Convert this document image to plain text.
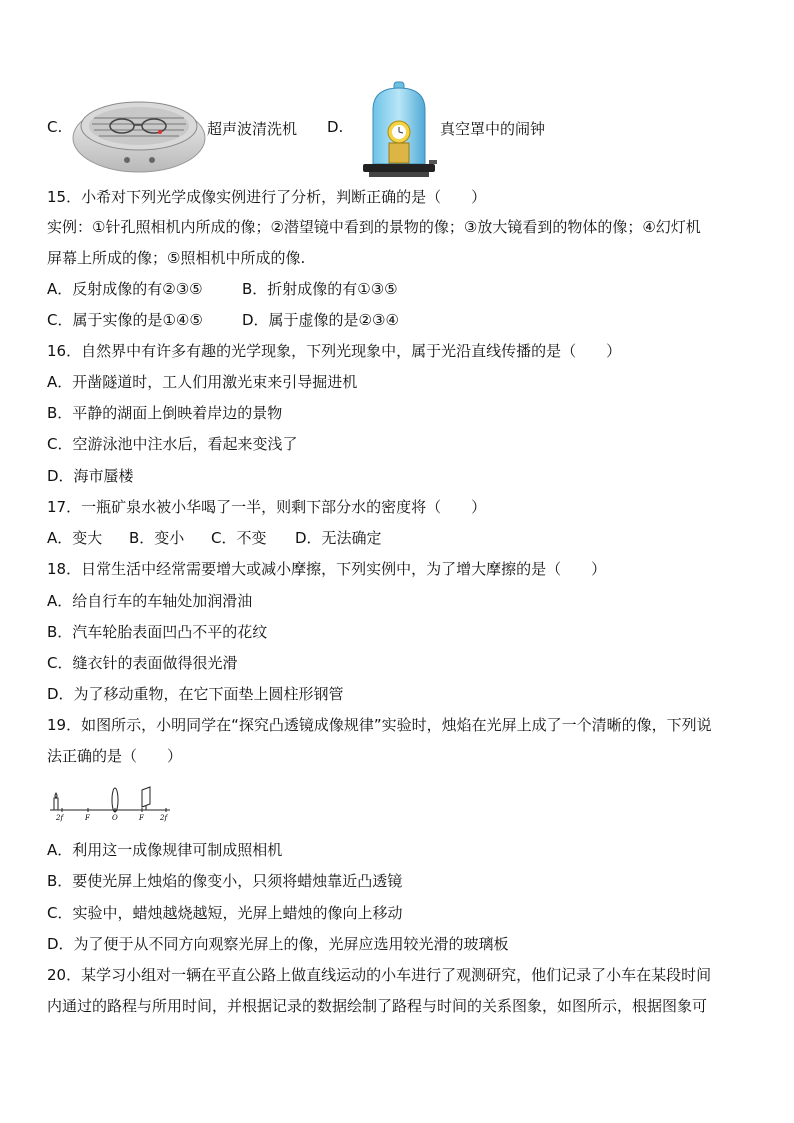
C.	超声波清洗机 D.	真空罩中的闹钟
15．小希对下列光学成像实例进行了分析，判断正确的是（　　）
实例：①针孔照相机内所成的像；②潜望镜中看到的景物的像；③放大镜看到的物体的像；④幻灯机
屏幕上所成的像；⑤照相机中所成的像.
A．反射成像的有②③⑤	B．折射成像的有①③⑤
C．属于实像的是①④⑤	D．属于虚像的是②③④
16．自然界中有许多有趣的光学现象，下列光现象中，属于光沿直线传播的是（　　）
A．开凿隧道时，工人们用激光束来引导掘进机
B．平静的湖面上倒映着岸边的景物
C．空游泳池中注水后，看起来变浅了
D．海市蜃楼
17．一瓶矿泉水被小华喝了一半，则剩下部分水的密度将（　　）
A．变大 B．变小 C．不变 D．无法确定
18．日常生活中经常需要增大或减小摩擦，下列实例中，为了增大摩擦的是（　　）
A．给自行车的车轴处加润滑油
B．汽车轮胎表面凹凸不平的花纹
C．缝衣针的表面做得很光滑
D．为了移动重物，在它下面垫上圆柱形钢管
19．如图所示，小明同学在“探究凸透镜成像规律”实验时，烛焰在光屏上成了一个清晰的像，下列说
法正确的是（　　）
2f	F	O	F 2f
A．利用这一成像规律可制成照相机
B．要使光屏上烛焰的像变小，只须将蜡烛靠近凸透镜
C．实验中，蜡烛越烧越短，光屏上蜡烛的像向上移动
D．为了便于从不同方向观察光屏上的像，光屏应选用较光滑的玻璃板
20．某学习小组对一辆在平直公路上做直线运动的小车进行了观测研究，他们记录了小车在某段时间
内通过的路程与所用时间，并根据记录的数据绘制了路程与时间的关系图象，如图所示，根据图象可
